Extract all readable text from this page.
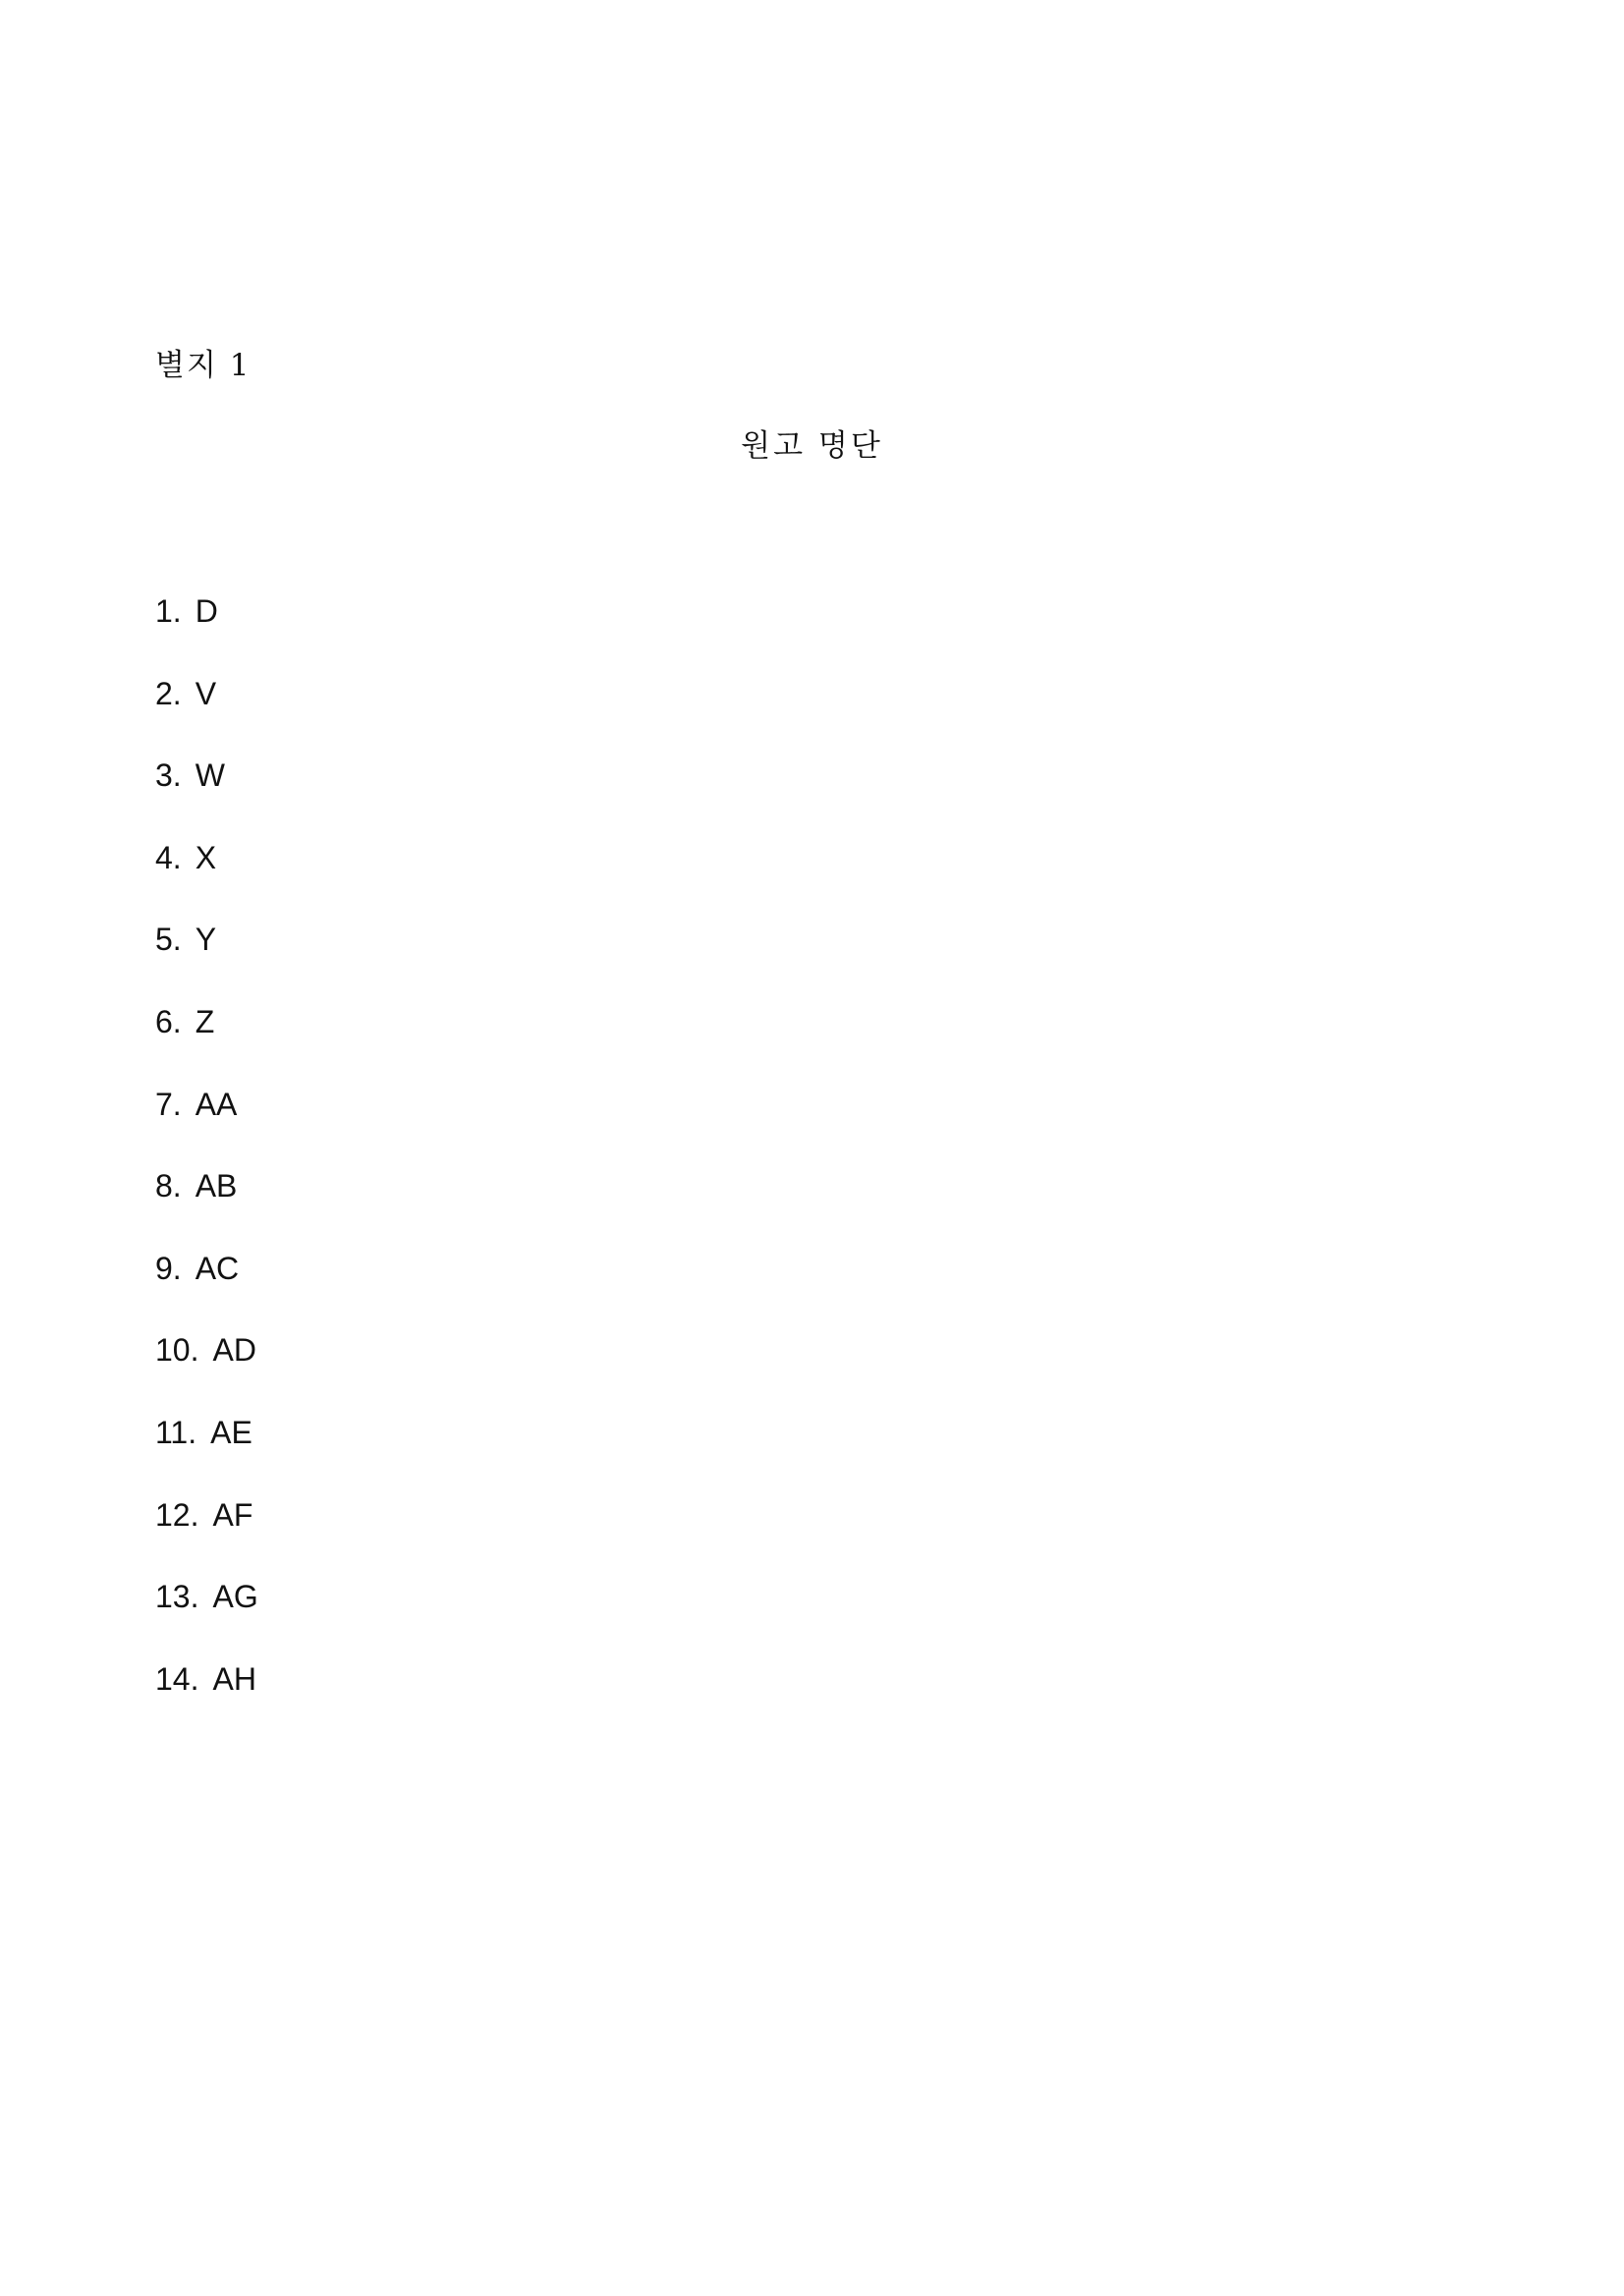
별지 1
원고 명단
1. D
2. V
3. W
4. X
5. Y
6. Z
7. AA
8. AB
9. AC
10. AD
11. AE
12. AF
13. AG
14. AH
